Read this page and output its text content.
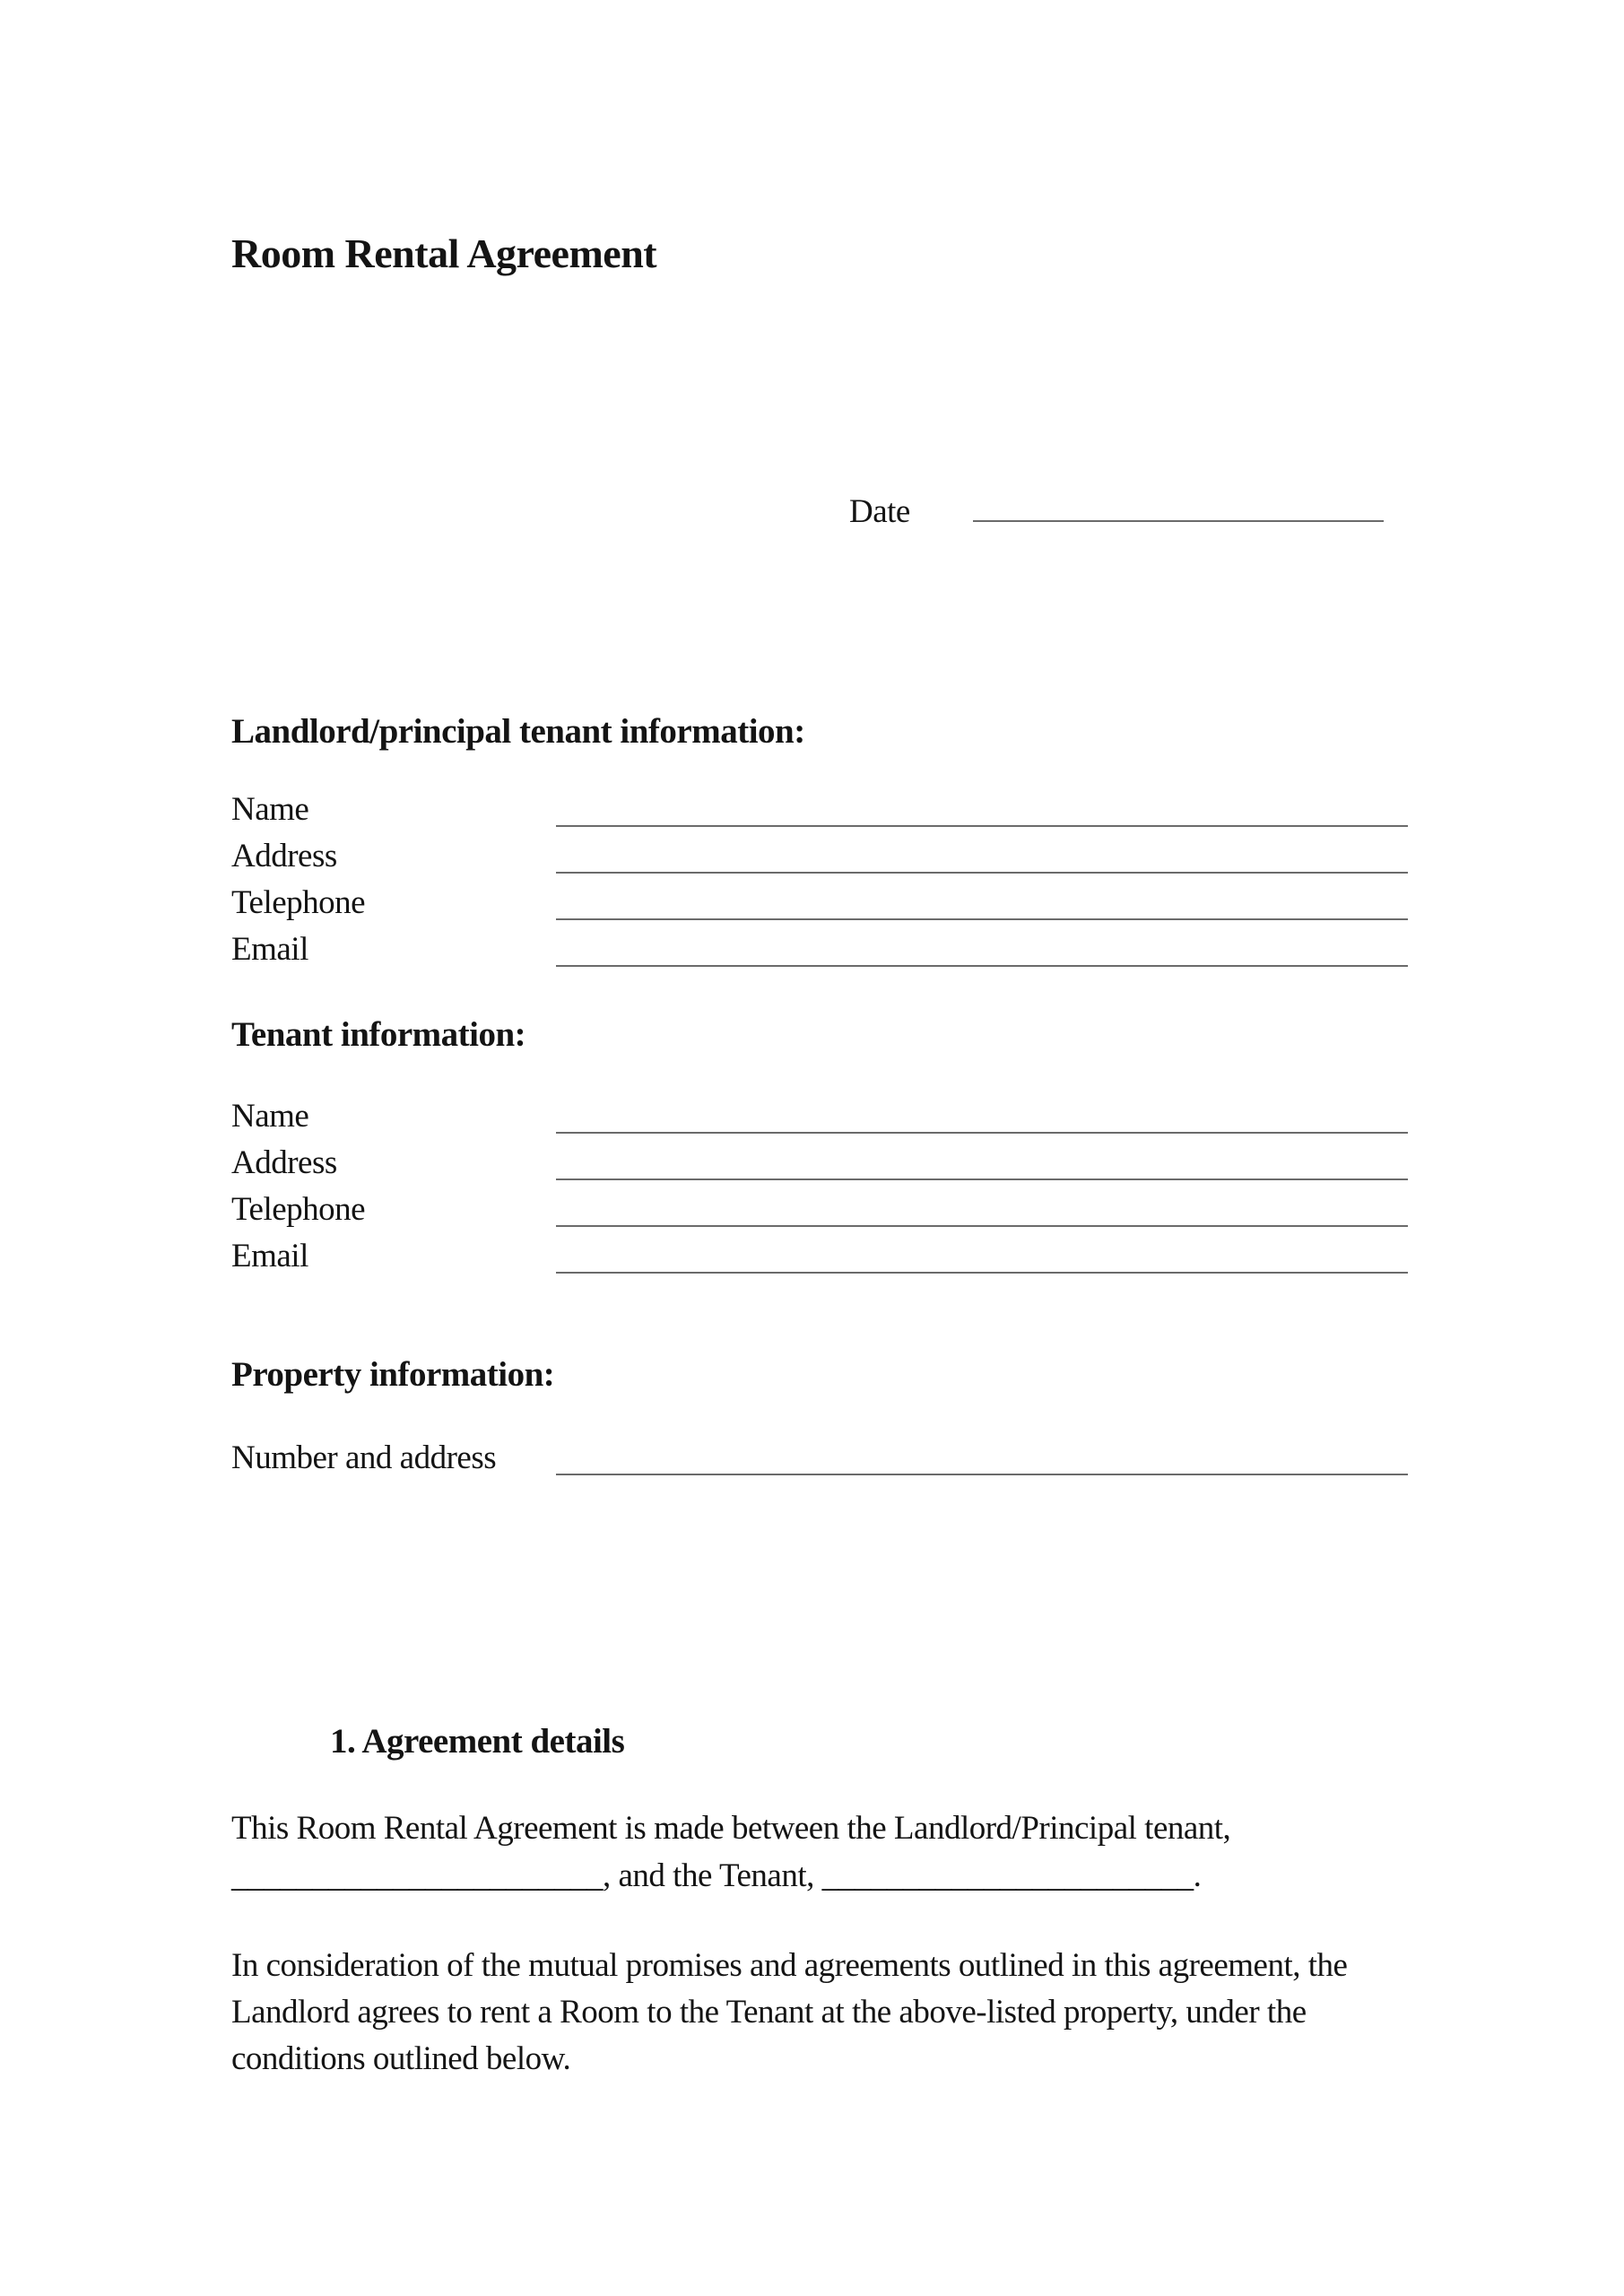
Room Rental Agreement
Date
Landlord/principal tenant information:
Name
Address
Telephone
Email
Tenant information:
Name
Address
Telephone
Email
Property information:
Number and address
1. Agreement details
This Room Rental Agreement is made between the Landlord/Principal tenant,
_______________________, and the Tenant, _______________________.
In consideration of the mutual promises and agreements outlined in this agreement, the
Landlord agrees to rent a Room to the Tenant at the above-listed property, under the
conditions outlined below.
